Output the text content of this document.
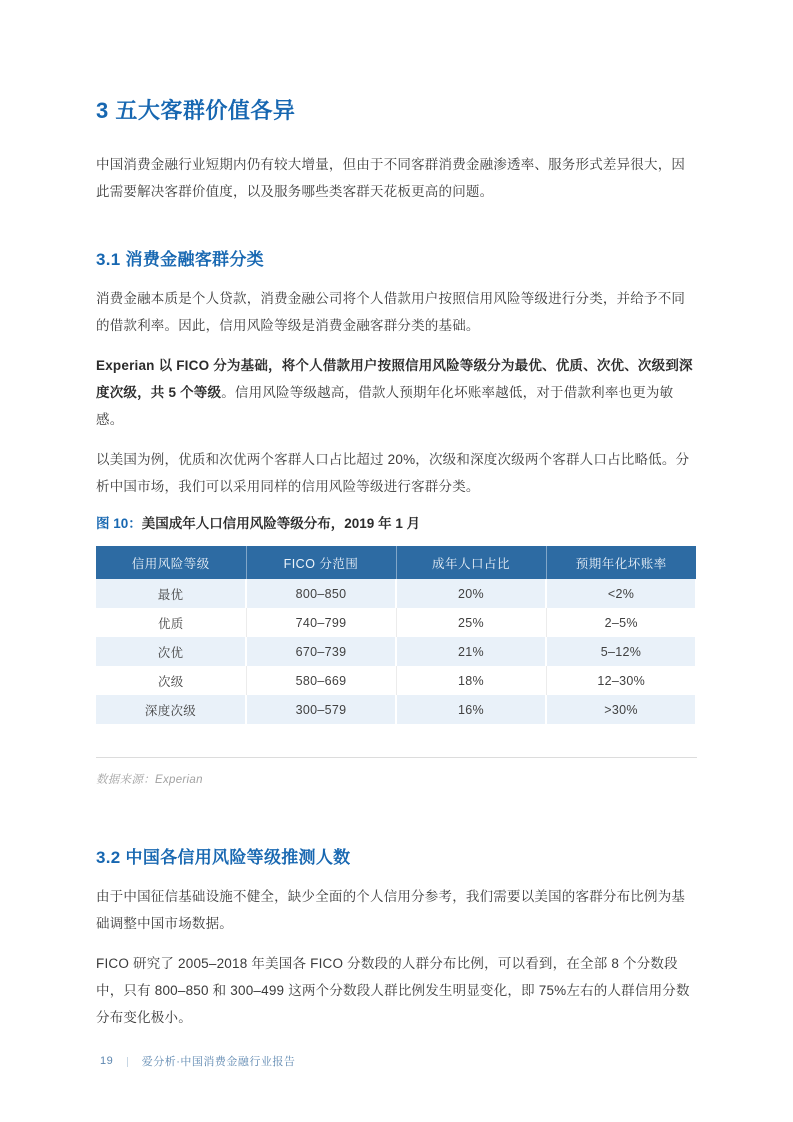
3 五大客群价值各异

中国消费金融行业短期内仍有较大增量，但由于不同客群消费金融渗透率、服务形式差异很大，因此需要解决客群价值度，以及服务哪些类客群天花板更高的问题。

3.1 消费金融客群分类

消费金融本质是个人贷款，消费金融公司将个人借款用户按照信用风险等级进行分类，并给予不同的借款利率。因此，信用风险等级是消费金融客群分类的基础。

Experian 以 FICO 分为基础，将个人借款用户按照信用风险等级分为最优、优质、次优、次级到深度次级，共 5 个等级。信用风险等级越高，借款人预期年化坏账率越低，对于借款利率也更为敏感。

以美国为例，优质和次优两个客群人口占比超过 20%，次级和深度次级两个客群人口占比略低。分析中国市场，我们可以采用同样的信用风险等级进行客群分类。

图 10：美国成年人口信用风险等级分布，2019 年 1 月
信用风险等级	FICO 分范围	成年人口占比	预期年化坏账率
最优	800–850	20%	<2%
优质	740–799	25%	2–5%
次优	670–739	21%	5–12%
次级	580–669	18%	12–30%
深度次级	300–579	16%	>30%
数据来源：Experian
3.2 中国各信用风险等级推测人数

由于中国征信基础设施不健全，缺少全面的个人信用分参考，我们需要以美国的客群分布比例为基础调整中国市场数据。

FICO 研究了 2005–2018 年美国各 FICO 分数段的人群分布比例，可以看到，在全部 8 个分数段中，只有 800–850 和 300–499 这两个分数段人群比例发生明显变化，即 75%左右的人群信用分数分布变化极小。

19 ｜ 爱分析·中国消费金融行业报告
